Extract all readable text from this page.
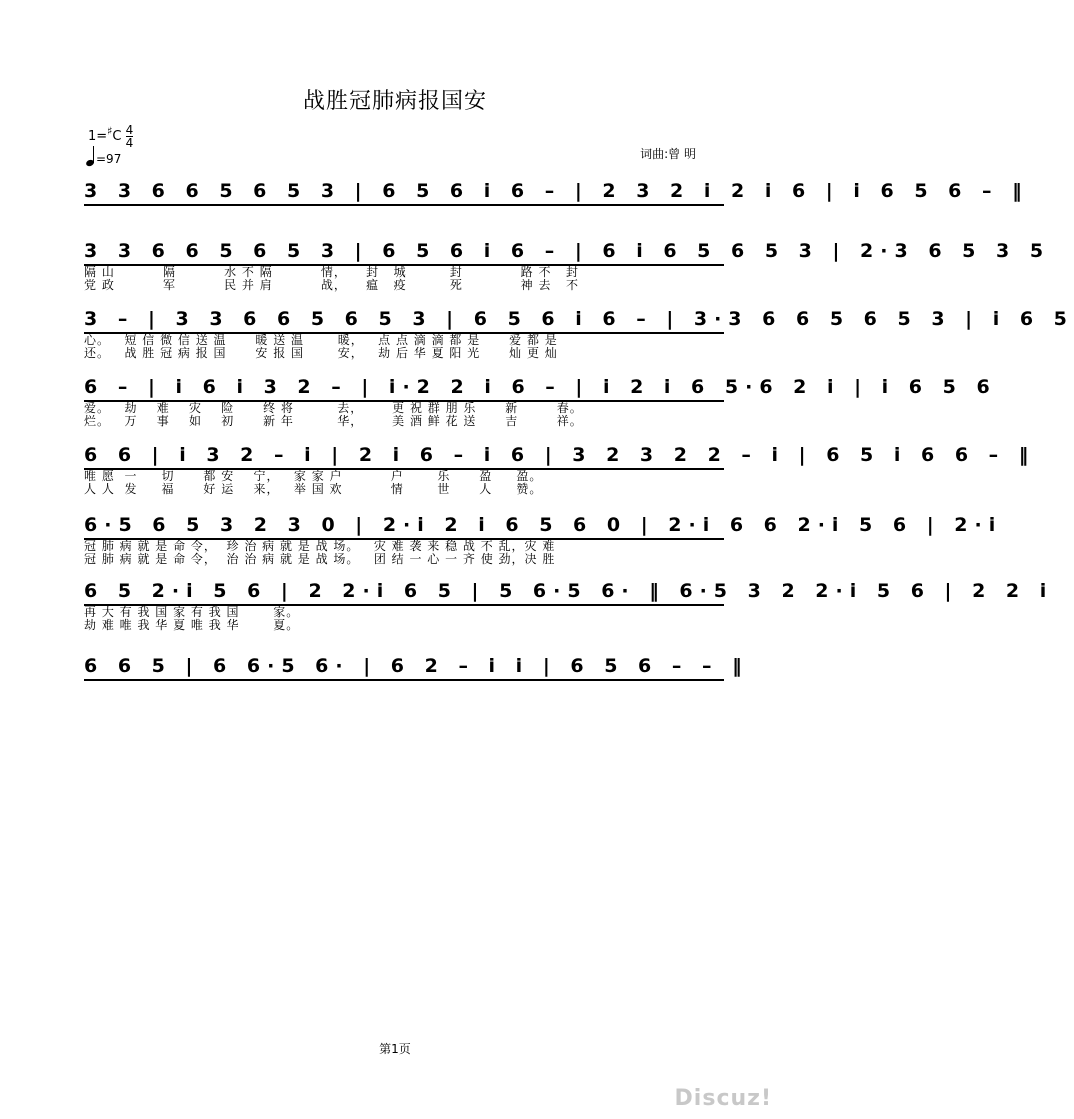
战胜冠肺病报国安
$1=^♯C \frac{4}{4}$
=97	词曲:曾 明
3 3 6 6 5 6 5 3 | 6 5 6 i 6 – | 2 3 2 i 2 i 6 | i 6 5 6 – ‖
3 3 6 6 5 6 5 3 | 6 5 6 i 6 – | 6 i 6 5 6 5 3 | 2·3 6 5 3 5
隔 山          隔          水 不 隔          情，    封   城         封            路 不   封
党 政          军          民 并 肩          战，    瘟   疫         死            神 去   不
3 – | 3 3 6 6 5 6 5 3 | 6 5 6 i 6 – | 3·3 6 6 5 6 5 3 | i 6 5
心。   短 信 微 信 送 温      暖 送 温       暖，   点 点 滴 滴 都 是      爱 都 是
还。   战 胜 冠 病 报 国      安 报 国       安，   劫 后 华 夏 阳 光      灿 更 灿
6 – | i 6 i 3 2 – | i·2 2 i 6 – | i 2 i 6 5·6 2 i | i 6 5 6
爱。   劫    难    灾    险      终 将         去，      更 祝 群 朋 乐      新        春。
烂。   万    事    如    初      新 年         华，      美 酒 鲜 花 送      吉        祥。
6 6 | i 3 2 – i | 2 i 6 – i 6 | 3 2 3 2 2 – i | 6 5 i 6 6 – ‖
唯 愿  一     切      都 安    宁，   家 家 户          户       乐      盈     盈。
人 人  发     福      好 运    来，   举 国 欢          情       世      人     赞。
6·5 6 5 3 2 3 0 | 2·i 2 i 6 5 6 0 | 2·i 6 6 2·i 5 6 | 2·i
冠 肺 病 就 是 命 令，  珍 治 病 就 是 战 场。   灾 难 袭 来 稳 战 不 乱，灾 难
冠 肺 病 就 是 命 令，  治 治 病 就 是 战 场。   团 结 一 心 一 齐 使 劲，决 胜
6 5 2·i 5 6 | 2 2·i 6 5 | 5 6·5 6· ‖ 6·5 3 2 2·i 5 6 | 2 2 i
再 大 有 我 国 家 有 我 国       家。
劫 难 唯 我 华 夏 唯 我 华       夏。
6 6 5 | 6 6·5 6· | 6 2 – i i | 6 5 6 – – ‖
第1页
Discuz!
